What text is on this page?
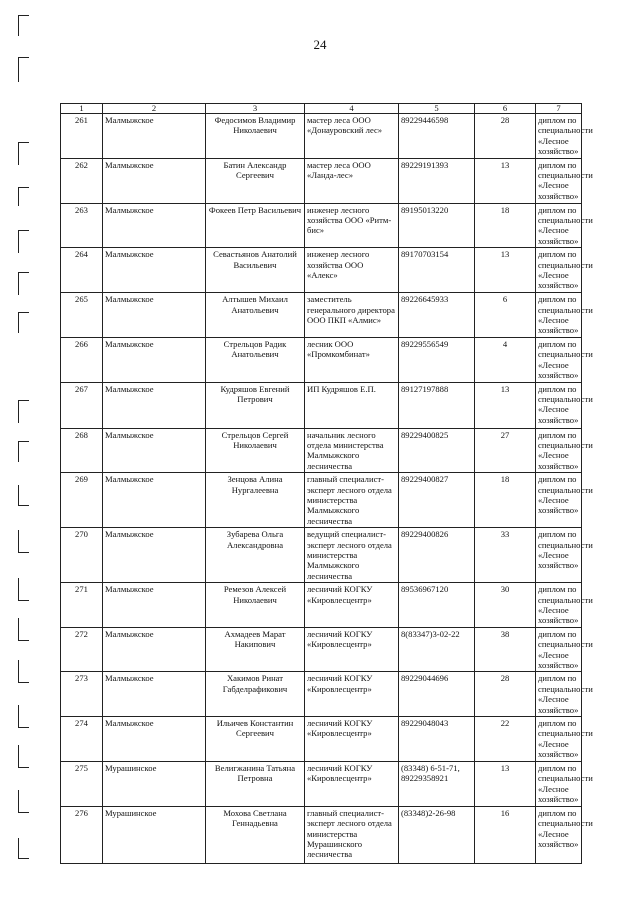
24
1	2	3	4	5	6	7
261	Малмыжское	Федосимов Владимир Николаевич	мастер леса ООО «Донауровский лес»	89229446598	28	диплом по специальности «Лесное хозяйство»
262	Малмыжское	Батин Александр Сергеевич	мастер леса ООО «Ланда-лес»	89229191393	13	диплом по специальности «Лесное хозяйство»
263	Малмыжское	Фокеев Петр Васильевич	инженер лесного хозяйства ООО «Ритм-бис»	89195013220	18	диплом по специальности «Лесное хозяйство»
264	Малмыжское	Севастьянов Анатолий Васильевич	инженер лесного хозяйства ООО «Алекс»	89170703154	13	диплом по специальности «Лесное хозяйство»
265	Малмыжское	Алтышев Михаил Анатольевич	заместитель генерального директора ООО ПКП «Алмис»	89226645933	6	диплом по специальности «Лесное хозяйство»
266	Малмыжское	Стрельцов Радик Анатольевич	лесник ООО «Промкомбинат»	89229556549	4	диплом по специальности «Лесное хозяйство»
267	Малмыжское	Кудряшов Евгений Петрович	ИП Кудряшов Е.П.	89127197888	13	диплом по специальности «Лесное хозяйство»
268	Малмыжское	Стрельцов Сергей Николаевич	начальник лесного отдела министерства Малмыжского лесничества	89229400825	27	диплом по специальности «Лесное хозяйство»
269	Малмыжское	Зенцова Алина Нургалеевна	главный специалист-эксперт лесного отдела министерства Малмыжского лесничества	89229400827	18	диплом по специальности «Лесное хозяйство»
270	Малмыжское	Зубарева Ольга Александровна	ведущий специалист-эксперт лесного отдела министерства Малмыжского лесничества	89229400826	33	диплом по специальности «Лесное хозяйство»
271	Малмыжское	Ремезов Алексей Николаевич	лесничий КОГКУ «Кировлесцентр»	89536967120	30	диплом по специальности «Лесное хозяйство»
272	Малмыжское	Ахмадеев Марат Накипович	лесничий КОГКУ «Кировлесцентр»	8(83347)3-02-22	38	диплом по специальности «Лесное хозяйство»
273	Малмыжское	Хакимов Ринат Габделрафикович	лесничий КОГКУ «Кировлесцентр»	89229044696	28	диплом по специальности «Лесное хозяйство»
274	Малмыжское	Ильичев Константин Сергеевич	лесничий КОГКУ «Кировлесцентр»	89229048043	22	диплом по специальности «Лесное хозяйство»
275	Мурашинское	Велигжанина Татьяна Петровна	лесничий КОГКУ «Кировлесцентр»	(83348) 6-51-71, 89229358921	13	диплом по специальности «Лесное хозяйство»
276	Мурашинское	Мохова Светлана Геннадьевна	главный специалист-эксперт лесного отдела министерства Мурашинского лесничества	(83348)2-26-98	16	диплом по специальности «Лесное хозяйство»
